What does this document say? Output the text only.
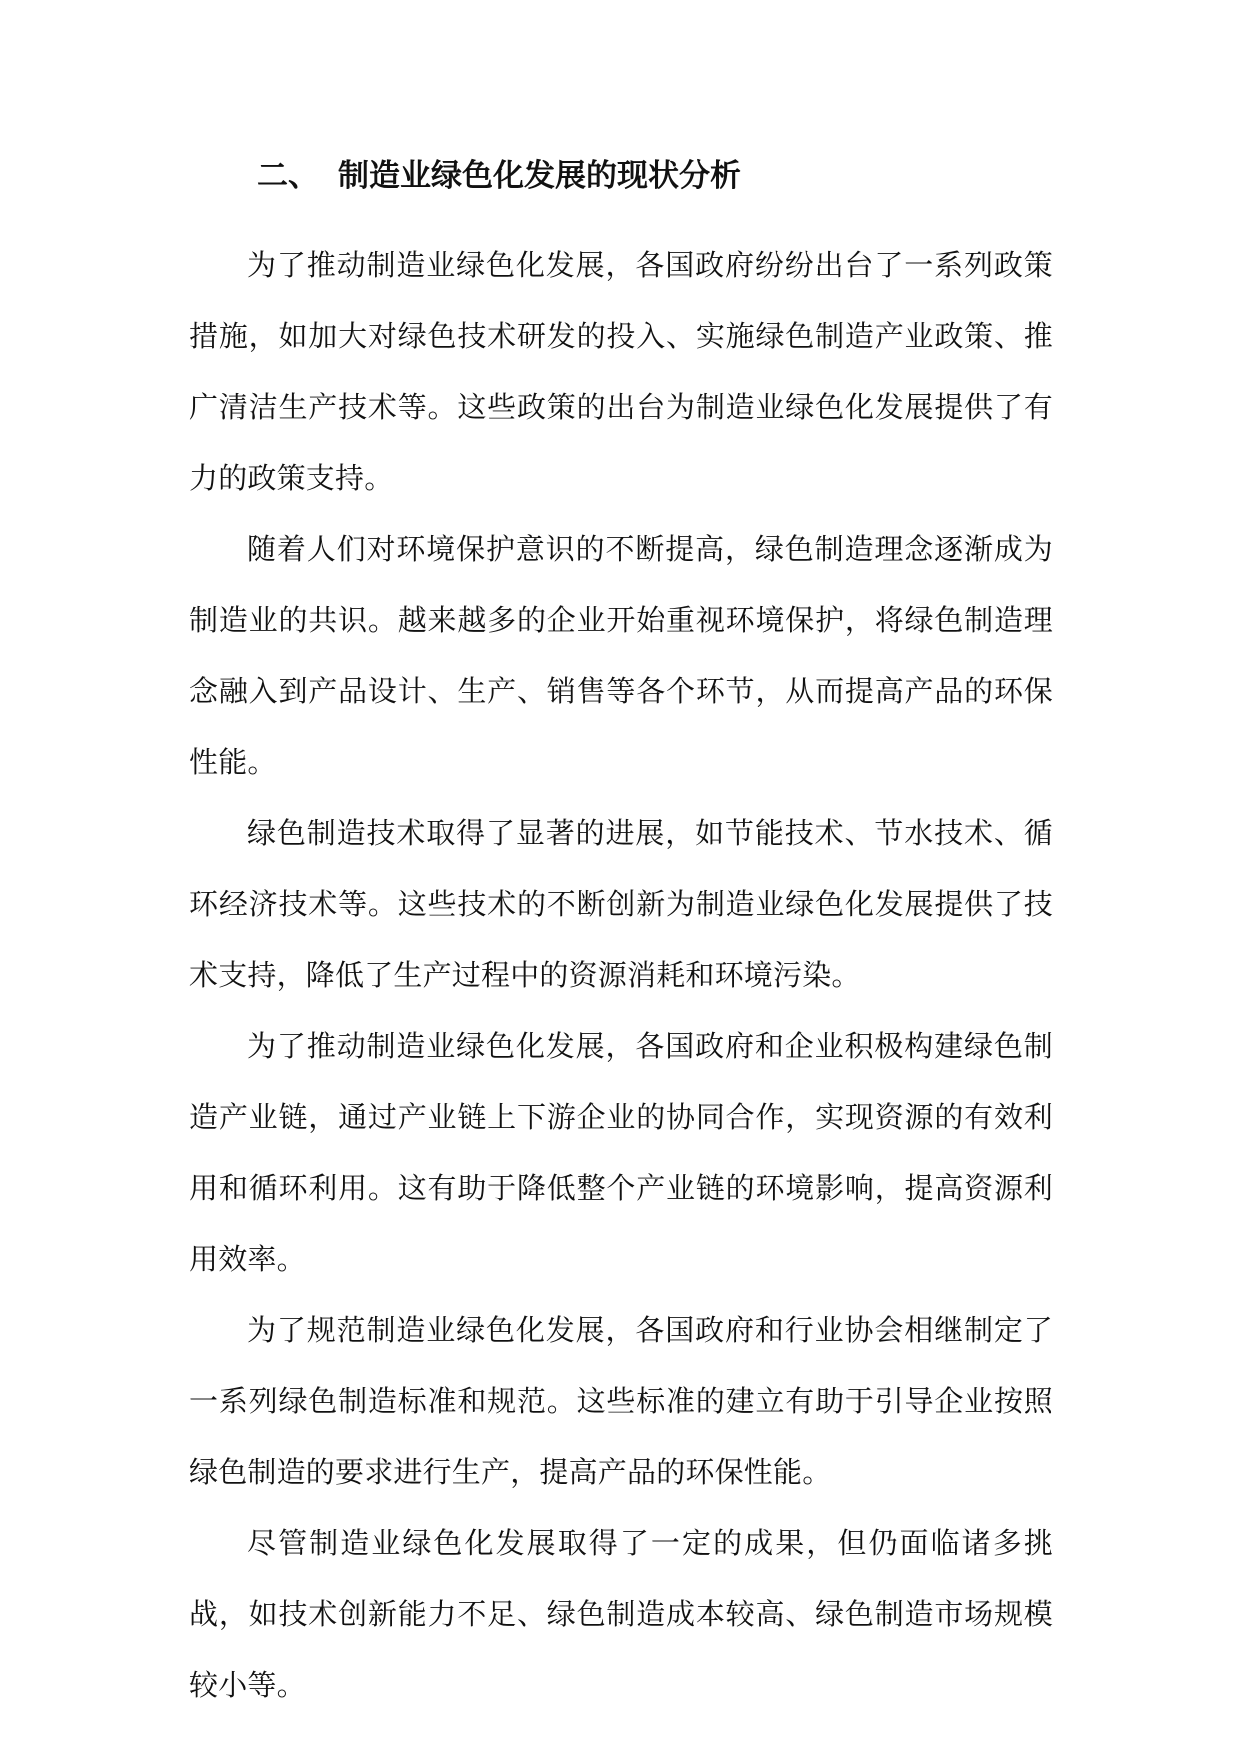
二、 制造业绿色化发展的现状分析

为了推动制造业绿色化发展，各国政府纷纷出台了一系列政策措施，如加大对绿色技术研发的投入、实施绿色制造产业政策、推广清洁生产技术等。这些政策的出台为制造业绿色化发展提供了有力的政策支持。

随着人们对环境保护意识的不断提高，绿色制造理念逐渐成为制造业的共识。越来越多的企业开始重视环境保护，将绿色制造理念融入到产品设计、生产、销售等各个环节，从而提高产品的环保性能。

绿色制造技术取得了显著的进展，如节能技术、节水技术、循环经济技术等。这些技术的不断创新为制造业绿色化发展提供了技术支持，降低了生产过程中的资源消耗和环境污染。

为了推动制造业绿色化发展，各国政府和企业积极构建绿色制造产业链，通过产业链上下游企业的协同合作，实现资源的有效利用和循环利用。这有助于降低整个产业链的环境影响，提高资源利用效率。

为了规范制造业绿色化发展，各国政府和行业协会相继制定了一系列绿色制造标准和规范。这些标准的建立有助于引导企业按照绿色制造的要求进行生产，提高产品的环保性能。

尽管制造业绿色化发展取得了一定的成果，但仍面临诸多挑战，如技术创新能力不足、绿色制造成本较高、绿色制造市场规模较小等。
